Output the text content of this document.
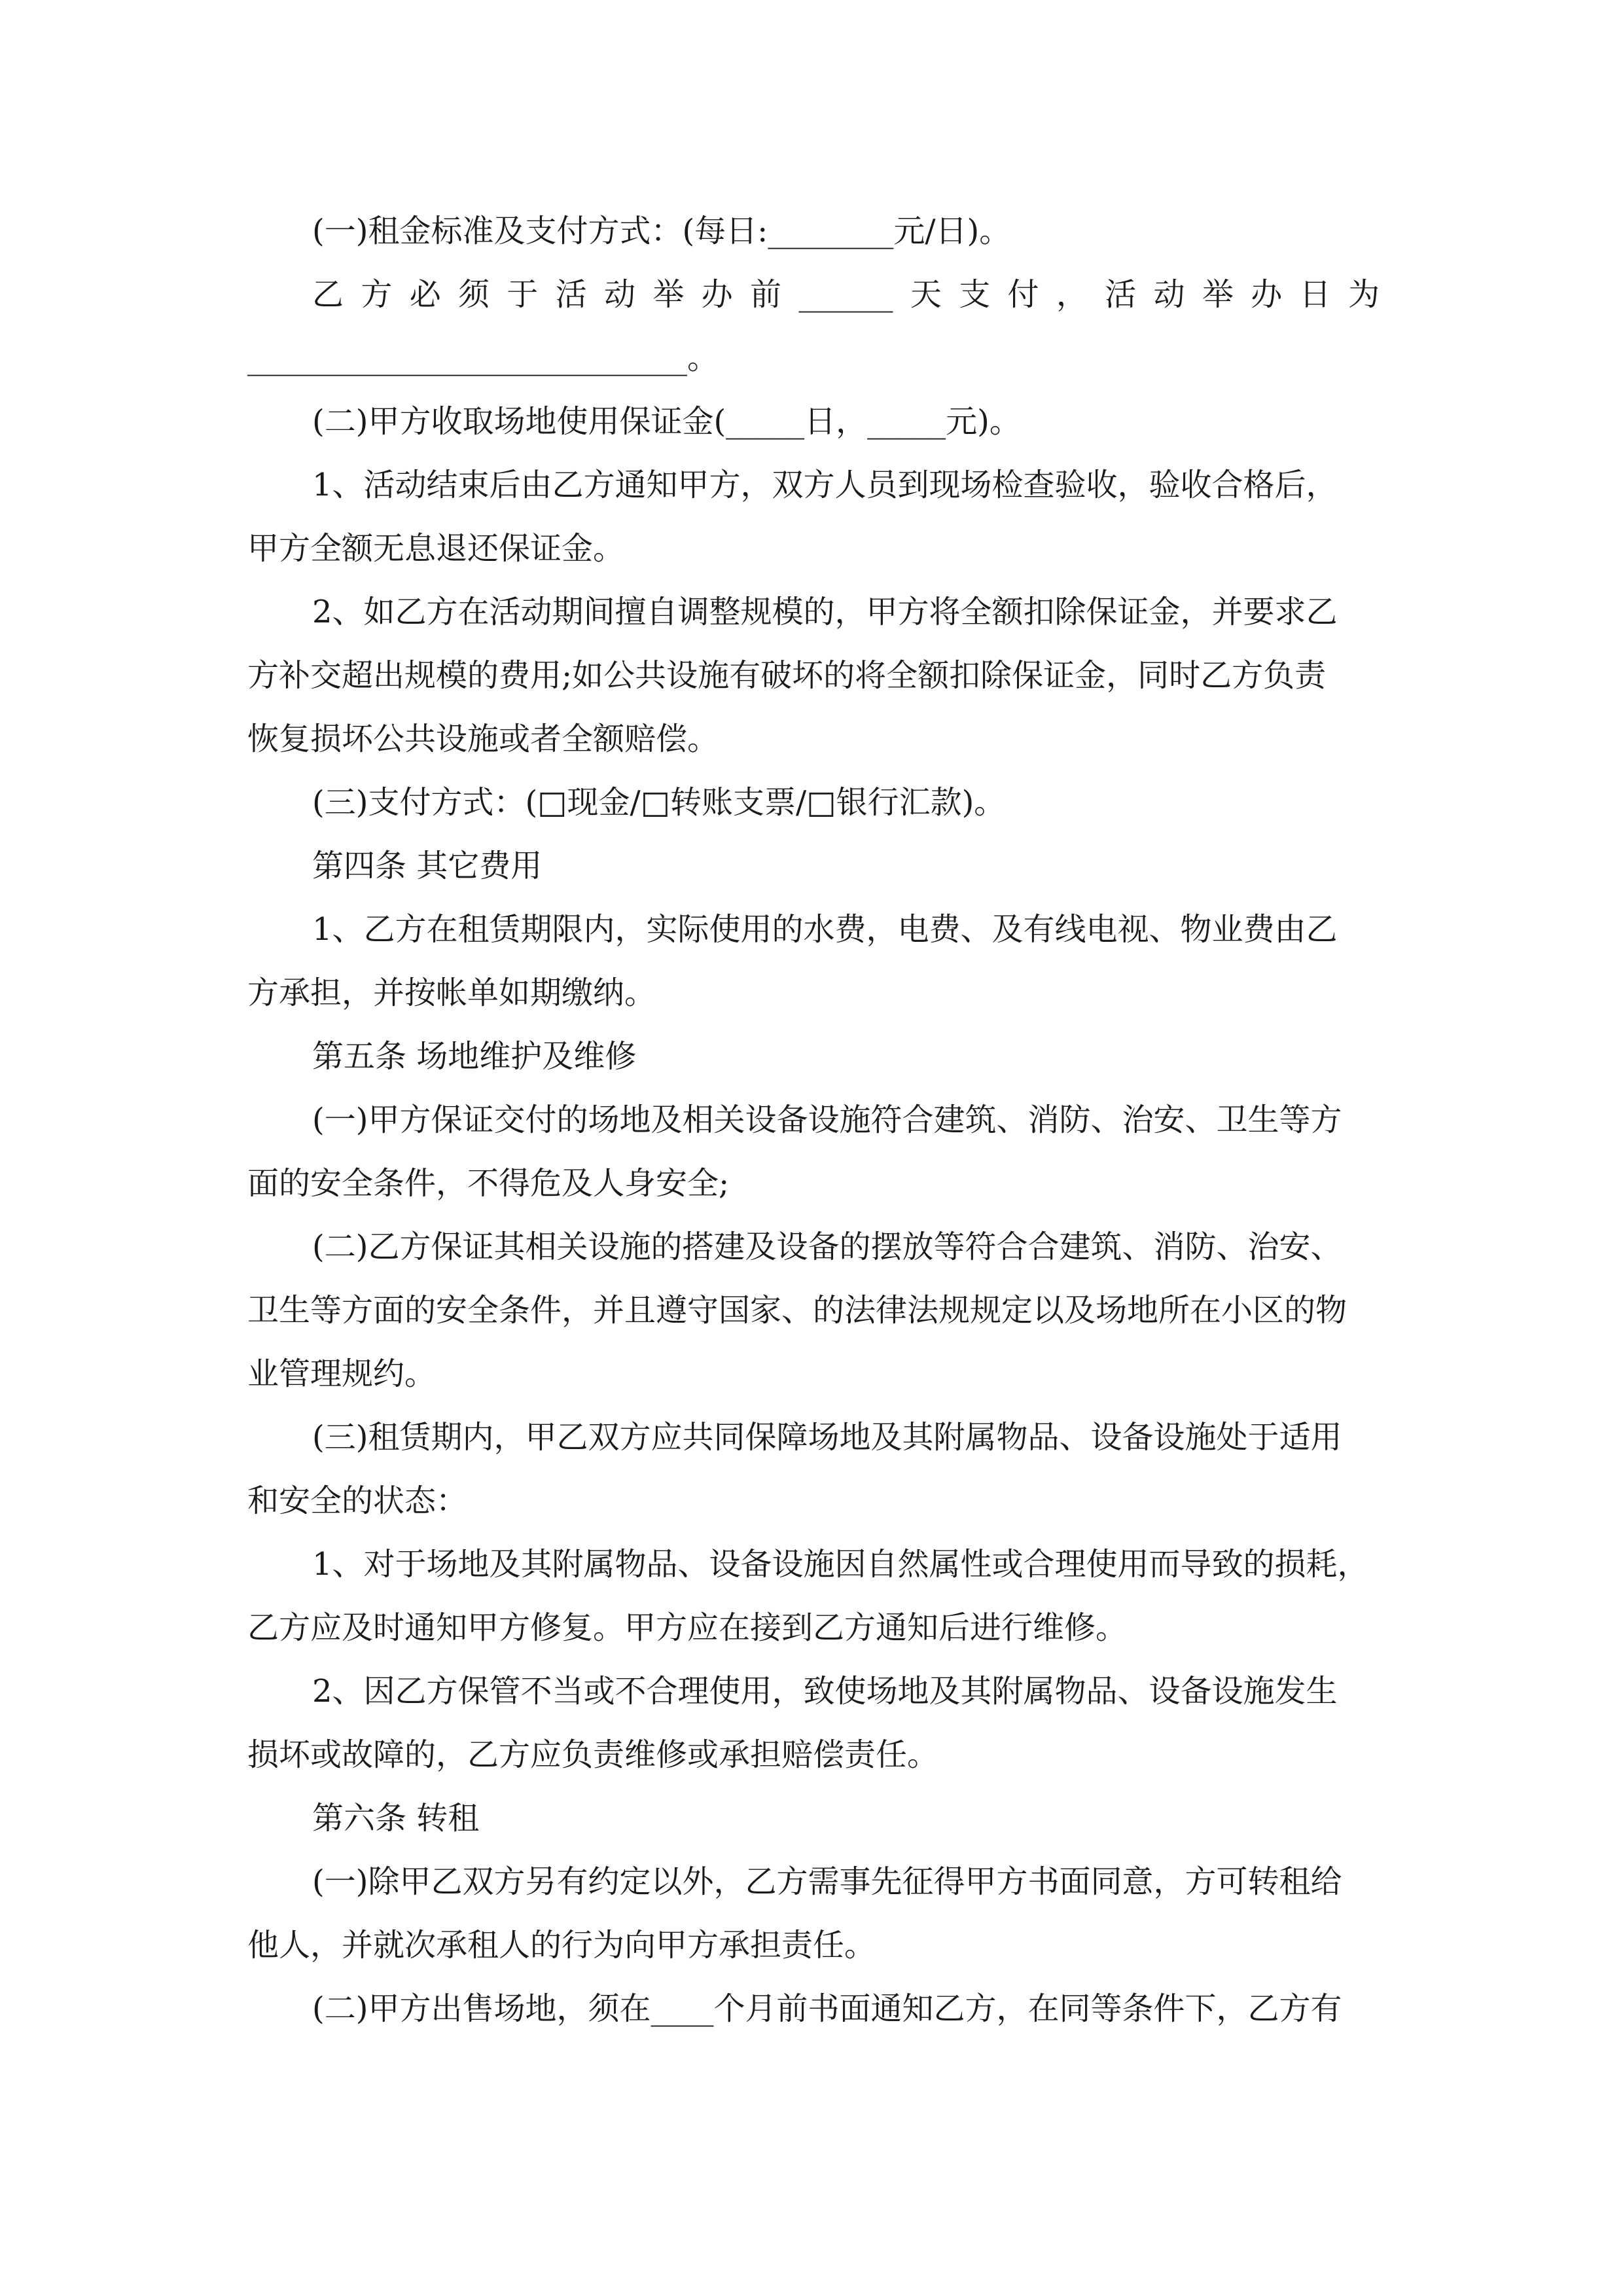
(一)租金标准及支付方式：(每日:________元/日)。
乙方必须于活动举办前______天支付，活动举办日为
____________________________。
(二)甲方收取场地使用保证金(_____日，_____元)。
1、活动结束后由乙方通知甲方，双方人员到现场检查验收，验收合格后，
甲方全额无息退还保证金。
2、如乙方在活动期间擅自调整规模的，甲方将全额扣除保证金，并要求乙
方补交超出规模的费用;如公共设施有破坏的将全额扣除保证金，同时乙方负责
恢复损坏公共设施或者全额赔偿。
(三)支付方式：(□现金/□转账支票/□银行汇款)。
第四条 其它费用
1、乙方在租赁期限内，实际使用的水费，电费、及有线电视、物业费由乙
方承担，并按帐单如期缴纳。
第五条 场地维护及维修
(一)甲方保证交付的场地及相关设备设施符合建筑、消防、治安、卫生等方
面的安全条件，不得危及人身安全;
(二)乙方保证其相关设施的搭建及设备的摆放等符合合建筑、消防、治安、
卫生等方面的安全条件，并且遵守国家、的法律法规规定以及场地所在小区的物
业管理规约。
(三)租赁期内，甲乙双方应共同保障场地及其附属物品、设备设施处于适用
和安全的状态：
1、对于场地及其附属物品、设备设施因自然属性或合理使用而导致的损耗，
乙方应及时通知甲方修复。甲方应在接到乙方通知后进行维修。
2、因乙方保管不当或不合理使用，致使场地及其附属物品、设备设施发生
损坏或故障的，乙方应负责维修或承担赔偿责任。
第六条 转租
(一)除甲乙双方另有约定以外，乙方需事先征得甲方书面同意，方可转租给
他人，并就次承租人的行为向甲方承担责任。
(二)甲方出售场地，须在____个月前书面通知乙方，在同等条件下，乙方有
